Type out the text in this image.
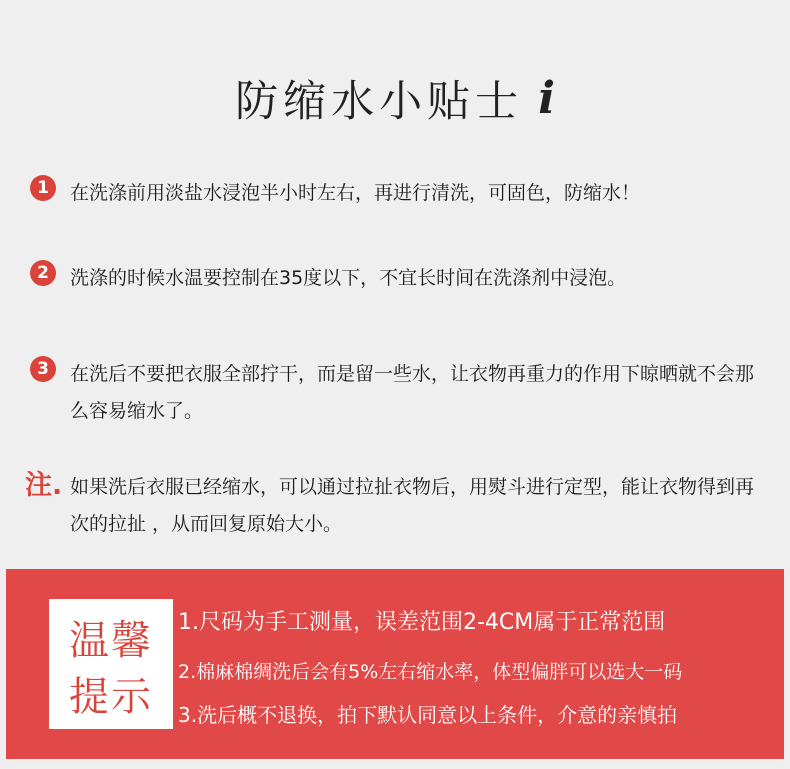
防缩水小贴士 i
1	在洗涤前用淡盐水浸泡半小时左右，再进行清洗，可固色，防缩水！
2	洗涤的时候水温要控制在35度以下，不宜长时间在洗涤剂中浸泡。
3	在洗后不要把衣服全部拧干，而是留一些水，让衣物再重力的作用下晾晒就不会那么容易缩水了。
注. 如果洗后衣服已经缩水，可以通过拉扯衣物后，用熨斗进行定型，能让衣物得到再次的拉扯 ，从而回复原始大小。
温馨
提示
1.尺码为手工测量，误差范围2-4CM属于正常范围
2.棉麻棉绸洗后会有5%左右缩水率，体型偏胖可以选大一码
3.洗后概不退换，拍下默认同意以上条件，介意的亲慎拍
